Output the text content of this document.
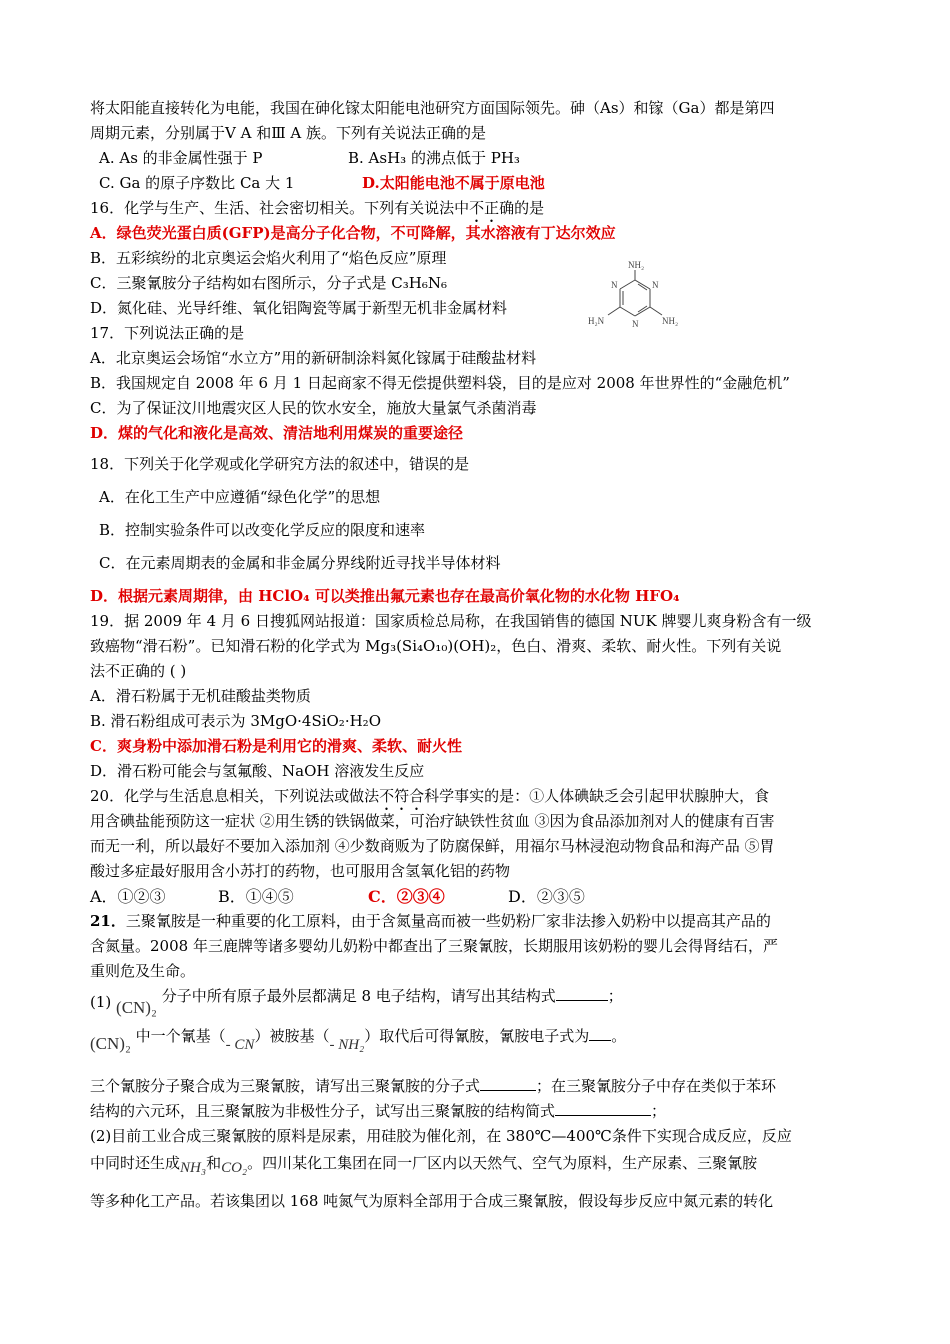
将太阳能直接转化为电能，我国在砷化镓太阳能电池研究方面国际领先。砷（As）和镓（Ga）都是第四
周期元素，分别属于Ⅴ A 和Ⅲ A 族。下列有关说法正确的是
A. As 的非金属性强于 P	B. AsH₃ 的沸点低于 PH₃
C. Ga 的原子序数比 Ca 大 1	D.太阳能电池不属于原电池
16．化学与生产、生活、社会密切相关。下列有关说法中不正确的是
A．绿色荧光蛋白质(GFP)是高分子化合物，不可降解，其水溶液有丁达尔效应
B．五彩缤纷的北京奥运会焰火利用了“焰色反应”原理
C．三聚氰胺分子结构如右图所示，分子式是 C₃H₆N₆
D．氮化硅、光导纤维、氧化铝陶瓷等属于新型无机非金属材料
17．下列说法正确的是
A．北京奥运会场馆“水立方”用的新研制涂料氮化镓属于硅酸盐材料
B．我国规定自 2008 年 6 月 1 日起商家不得无偿提供塑料袋，目的是应对 2008 年世界性的“金融危机”
C．为了保证汶川地震灾区人民的饮水安全，施放大量氯气杀菌消毒
D．煤的气化和液化是高效、清洁地利用煤炭的重要途径
18．下列关于化学观或化学研究方法的叙述中，错误的是
A．在化工生产中应遵循“绿色化学”的思想
B．控制实验条件可以改变化学反应的限度和速率
C．在元素周期表的金属和非金属分界线附近寻找半导体材料
D．根据元素周期律，由 HClO₄ 可以类推出氟元素也存在最高价氧化物的水化物 HFO₄
19．据 2009 年 4 月 6 日搜狐网站报道：国家质检总局称，在我国销售的德国 NUK 牌婴儿爽身粉含有一级
致癌物“滑石粉”。已知滑石粉的化学式为 Mg₃(Si₄O₁₀)(OH)₂，色白、滑爽、柔软、耐火性。下列有关说
法不正确的 ( )
A．滑石粉属于无机硅酸盐类物质
B. 滑石粉组成可表示为 3MgO·4SiO₂·H₂O
C．爽身粉中添加滑石粉是利用它的滑爽、柔软、耐火性
D．滑石粉可能会与氢氟酸、NaOH 溶液发生反应
20．化学与生活息息相关，下列说法或做法不符合科学事实的是：①人体碘缺乏会引起甲状腺肿大，食
用含碘盐能预防这一症状 ②用生锈的铁锅做菜，可治疗缺铁性贫血 ③因为食品添加剂对人的健康有百害
而无一利，所以最好不要加入添加剂 ④少数商贩为了防腐保鲜，用福尔马林浸泡动物食品和海产品 ⑤胃
酸过多症最好服用含小苏打的药物，也可服用含氢氧化铝的药物
A．①②③	B．①④⑤	C．②③④	D．②③⑤
21．三聚氰胺是一种重要的化工原料，由于含氮量高而被一些奶粉厂家非法掺入奶粉中以提高其产品的
含氮量。2008 年三鹿牌等诸多婴幼儿奶粉中都查出了三聚氰胺，长期服用该奶粉的婴儿会得肾结石，严
重则危及生命。
(1) (CN)₂ 分子中所有原子最外层都满足 8 电子结构，请写出其结构式	；
(CN)₂ 中一个氰基（- CN）被胺基（- NH₂）取代后可得氰胺，氰胺电子式为 。
三个氰胺分子聚合成为三聚氰胺，请写出三聚氰胺的分子式	；在三聚氰胺分子中存在类似于苯环
结构的六元环，且三聚氰胺为非极性分子，试写出三聚氰胺的结构简式	；
(2)目前工业合成三聚氰胺的原料是尿素，用硅胶为催化剂，在 380℃—400℃条件下实现合成反应，反应
中同时还生成NH₃和CO₂。四川某化工集团在同一厂区内以天然气、空气为原料，生产尿素、三聚氰胺
等多种化工产品。若该集团以 168 吨氮气为原料全部用于合成三聚氰胺，假设每步反应中氮元素的转化
NH₂
H₂N	NH₂
N
N
N
